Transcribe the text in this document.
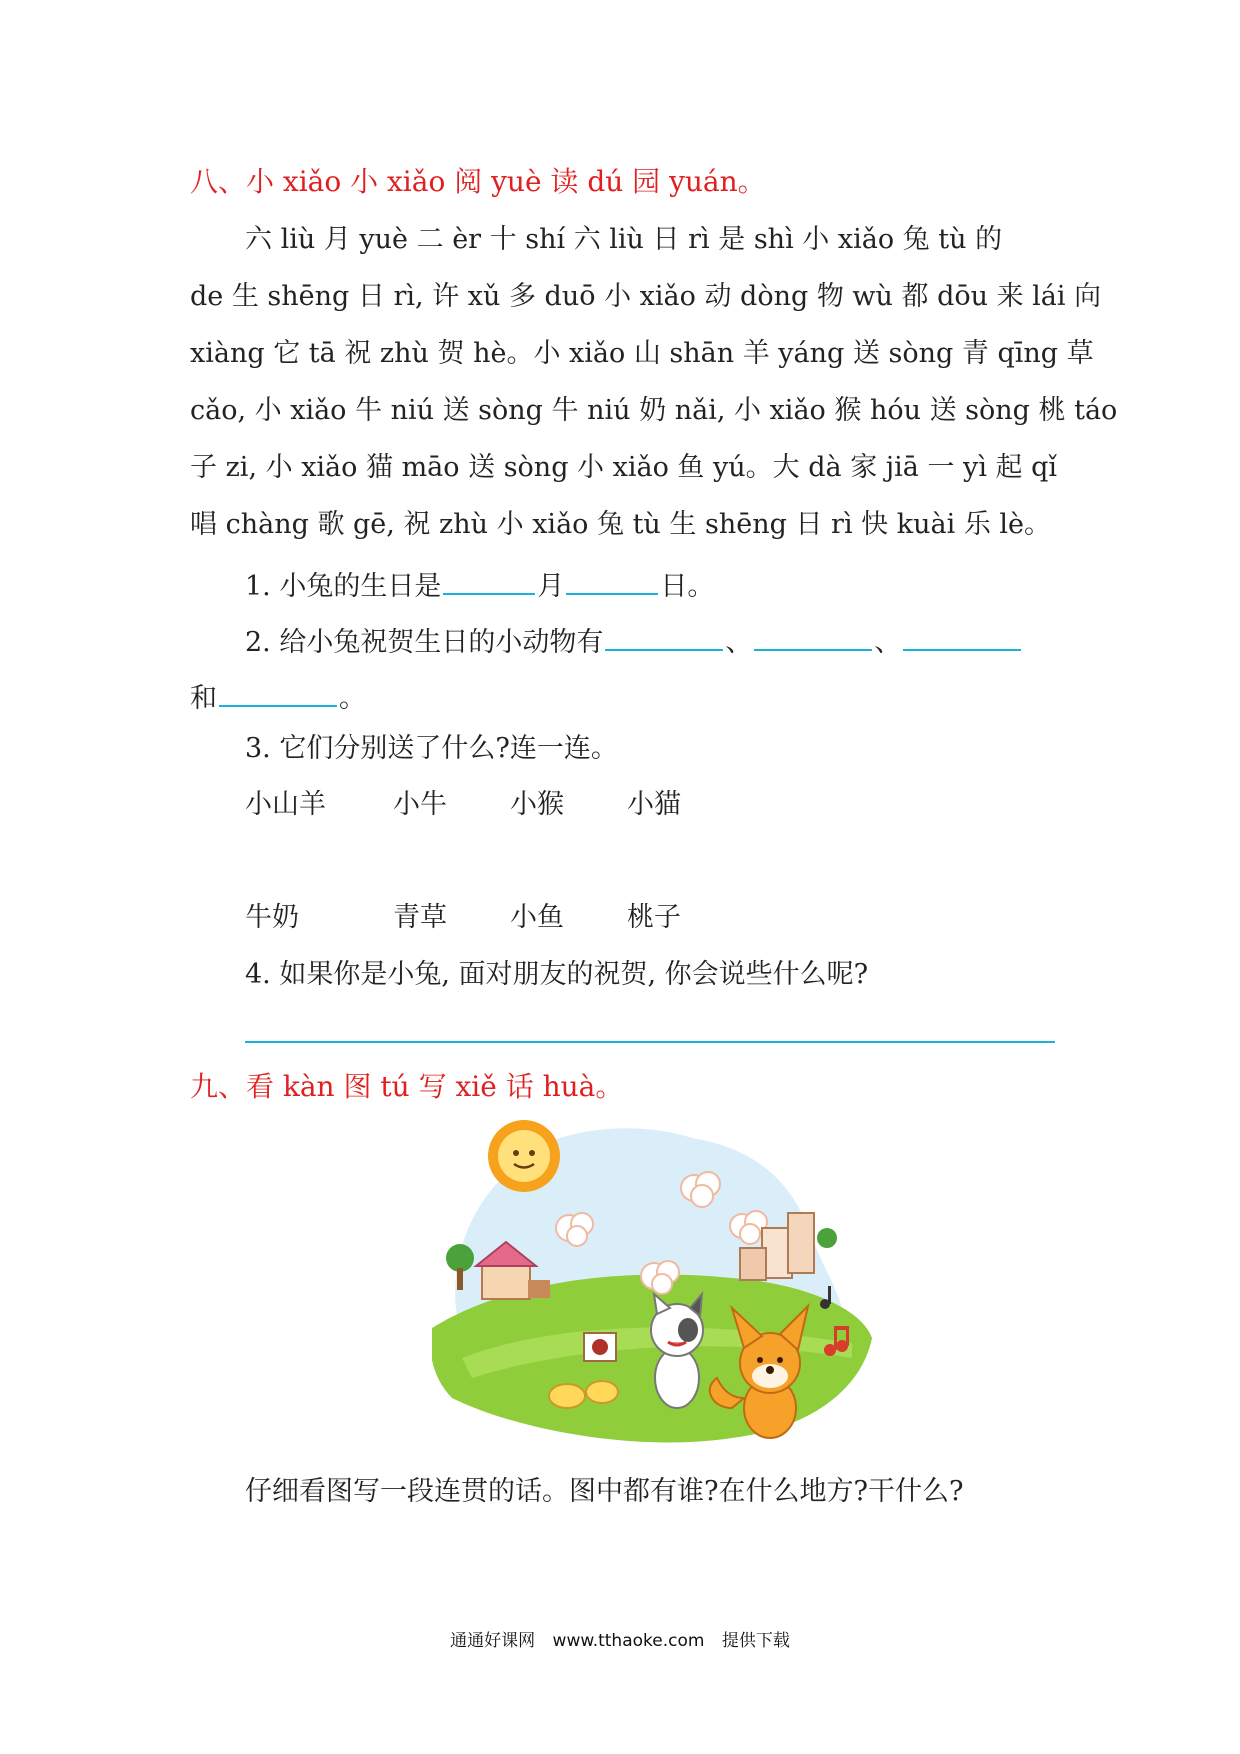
八、小 xiǎo 小 xiǎo 阅 yuè 读 dú 园 yuán。
六 liù 月 yuè 二 èr 十 shí 六 liù 日 rì 是 shì 小 xiǎo 兔 tù 的
de 生 shēng 日 rì, 许 xǔ 多 duō 小 xiǎo 动 dòng 物 wù 都 dōu 来 lái 向
xiàng 它 tā 祝 zhù 贺 hè。小 xiǎo 山 shān 羊 yáng 送 sòng 青 qīng 草
cǎo, 小 xiǎo 牛 niú 送 sòng 牛 niú 奶 nǎi, 小 xiǎo 猴 hóu 送 sòng 桃 táo
子 zi, 小 xiǎo 猫 māo 送 sòng 小 xiǎo 鱼 yú。大 dà 家 jiā 一 yì 起 qǐ
唱 chàng 歌 gē, 祝 zhù 小 xiǎo 兔 tù 生 shēng 日 rì 快 kuài 乐 lè。
1. 小兔的生日是	月	日。
2. 给小兔祝贺生日的小动物有	、	、
和	。
3. 它们分别送了什么?连一连。
小山羊 小牛 小猴 小猫
牛奶	青草 小鱼 桃子
4. 如果你是小兔, 面对朋友的祝贺, 你会说些什么呢?
九、看 kàn 图 tú 写 xiě 话 huà。
仔细看图写一段连贯的话。图中都有谁?在什么地方?干什么?
通通好课网 www.tthaoke.com 提供下载
